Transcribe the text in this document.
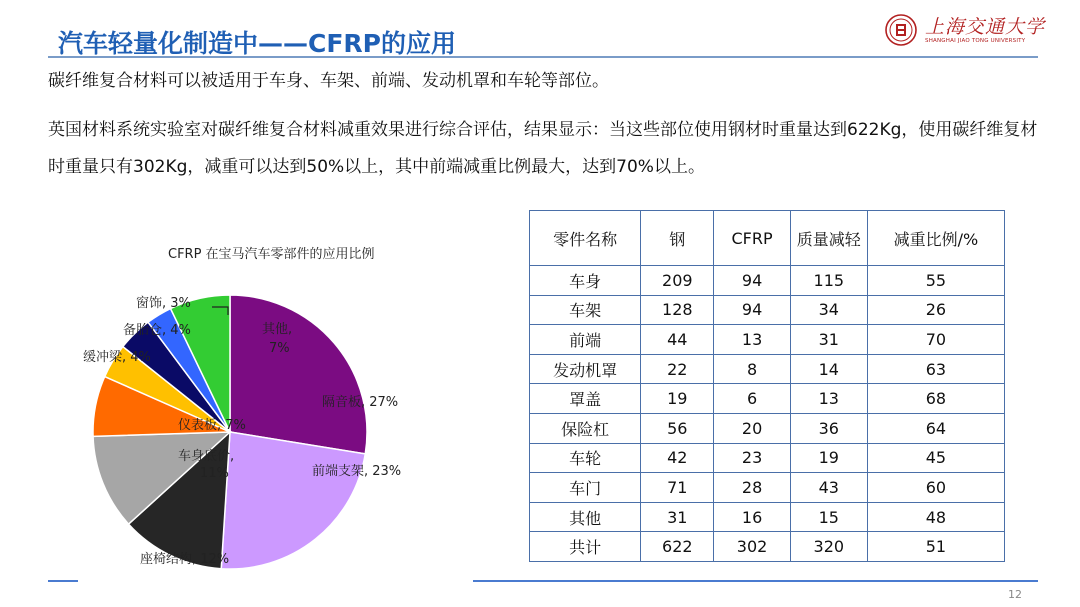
汽车轻量化制造中——CFRP的应用
上海交通大学
SHANGHAI JIAO TONG UNIVERSITY
碳纤维复合材料可以被适用于车身、车架、前端、发动机罩和车轮等部位。
英国材料系统实验室对碳纤维复合材料减重效果进行综合评估，结果显示：当这些部位使用钢材时重量达到622Kg，使用碳纤维复材时重量只有302Kg，减重可以达到50%以上，其中前端减重比例最大，达到70%以上。
CFRP 在宝马汽车零部件的应用比例
隔音板, 27%
前端支架, 23%
座椅结构, 12%
车身底价,
11%
仪表板, 7%
缓冲梁, 4%
备胎仓, 4%
窗饰, 3%
其他,
7%
零件名称	钢	CFRP	质量减轻	减重比例/%
车身	209	94	115	55
车架	128	94	34	26
前端	44	13	31	70
发动机罩	22	8	14	63
罩盖	19	6	13	68
保险杠	56	20	36	64
车轮	42	23	19	45
车门	71	28	43	60
其他	31	16	15	48
共计	622	302	320	51
12
